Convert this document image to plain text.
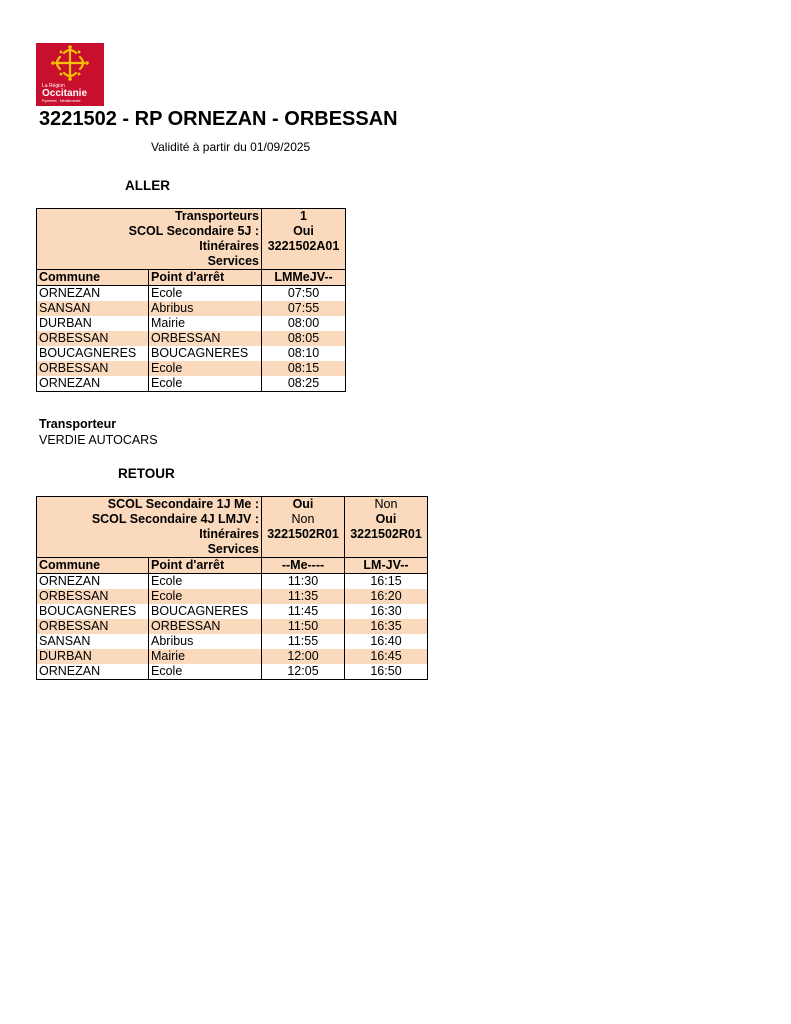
La Région
Occitanie
Pyrénées · Méditerranée
3221502 - RP ORNEZAN - ORBESSAN
Validité à partir du 01/09/2025
ALLER
Transporteurs		1
SCOL Secondaire 5J :		Oui
Itinéraires		3221502A01
Services		
Commune	Point d'arrêt	LMMeJV--
ORNEZAN	Ecole	07:50
SANSAN	Abribus	07:55
DURBAN	Mairie	08:00
ORBESSAN	ORBESSAN	08:05
BOUCAGNERES	BOUCAGNERES	08:10
ORBESSAN	Ecole	08:15
ORNEZAN	Ecole	08:25
Transporteur
VERDIE AUTOCARS
RETOUR
SCOL Secondaire 1J Me :		Oui	Non
SCOL Secondaire 4J LMJV :		Non	Oui
Itinéraires		3221502R01	3221502R01
Services			
Commune	Point d'arrêt	--Me----	LM-JV--
ORNEZAN	Ecole	11:30	16:15
ORBESSAN	Ecole	11:35	16:20
BOUCAGNERES	BOUCAGNERES	11:45	16:30
ORBESSAN	ORBESSAN	11:50	16:35
SANSAN	Abribus	11:55	16:40
DURBAN	Mairie	12:00	16:45
ORNEZAN	Ecole	12:05	16:50
